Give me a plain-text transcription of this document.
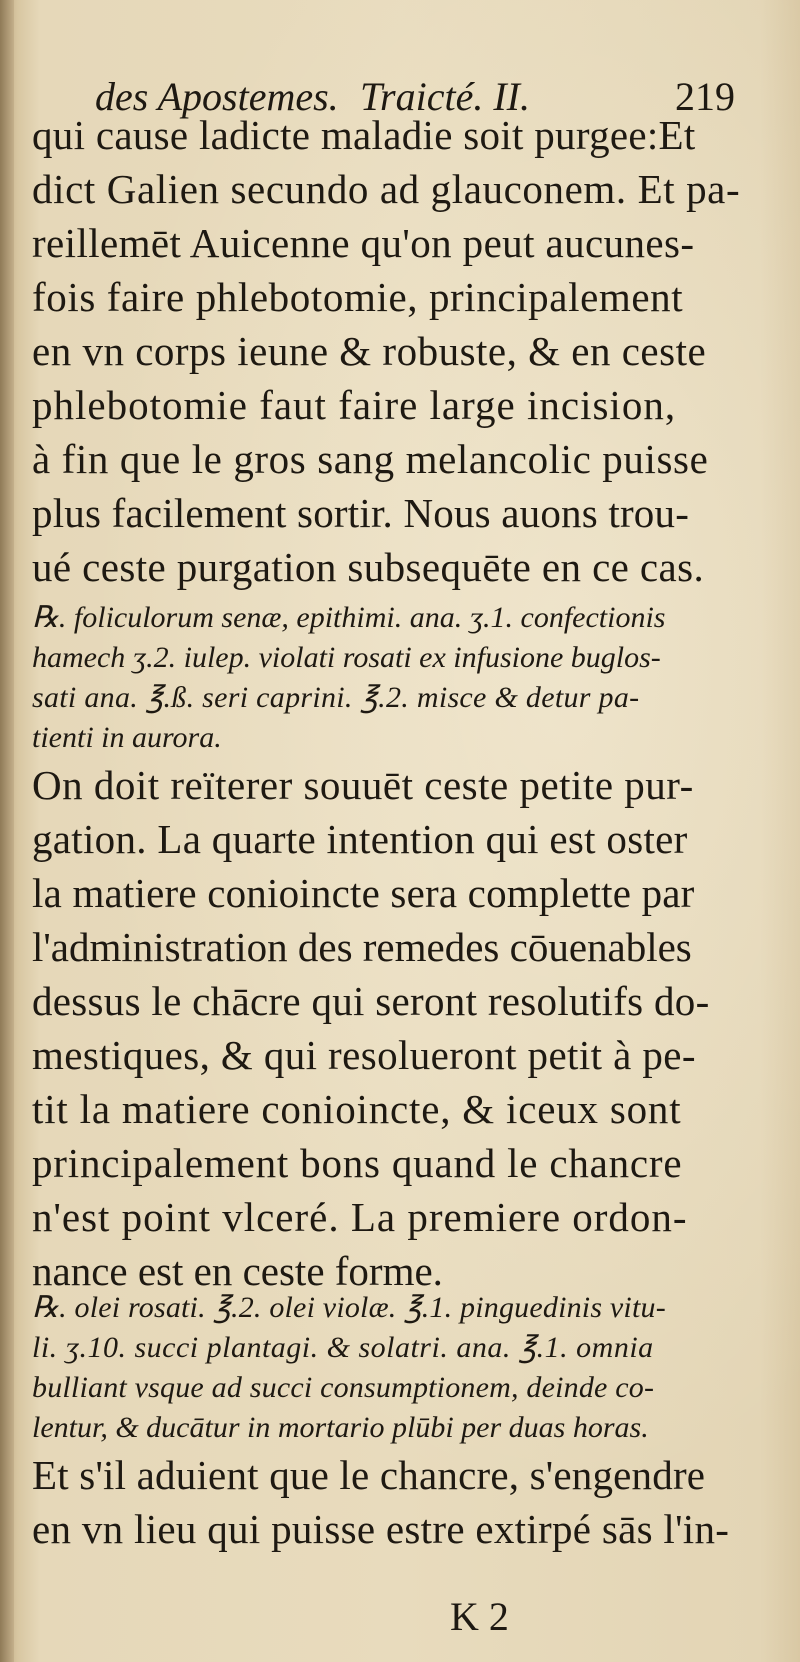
des Apostemes. Traicté. II.	219
qui cause ladicte maladie soit purgee:Et
dict Galien secundo ad glauconem. Et pa-
reillemēt Auicenne qu'on peut aucunes-
fois faire phlebotomie, principalement
en vn corps ieune & robuste, & en ceste
phlebotomie faut faire large incision,
à fin que le gros sang melancolic puisse
plus facilement sortir. Nous auons trou-
ué ceste purgation subsequēte en ce cas.
℞. foliculorum senæ, epithimi. ana. ʒ.1. confectionis
hamech ʒ.2. iulep. violati rosati ex infusione buglos-
sati ana. ℥.ß. seri caprini. ℥.2. misce & detur pa-
tienti in aurora.
On doit reïterer souuēt ceste petite pur-
gation. La quarte intention qui est oster
la matiere conioincte sera complette par
l'administration des remedes cōuenables
dessus le chācre qui seront resolutifs do-
mestiques, & qui resolueront petit à pe-
tit la matiere conioincte, & iceux sont
principalement bons quand le chancre
n'est point vlceré. La premiere ordon-
nance est en ceste forme.
℞. olei rosati. ℥.2. olei violæ. ℥.1. pinguedinis vitu-
li. ʒ.10. succi plantagi. & solatri. ana. ℥.1. omnia
bulliant vsque ad succi consumptionem, deinde co-
lentur, & ducātur in mortario plūbi per duas horas.
Et s'il aduient que le chancre, s'engendre
en vn lieu qui puisse estre extirpé sās l'in-
K 2
